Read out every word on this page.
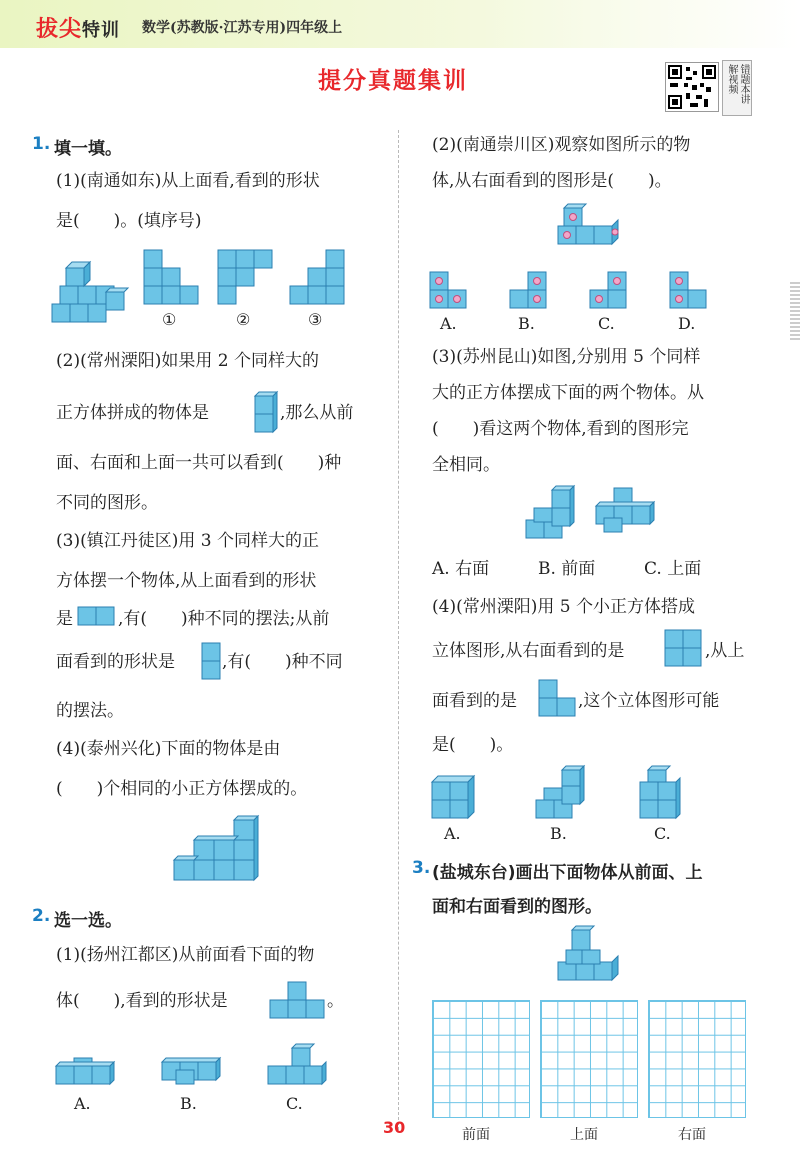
拔尖特训 数学(苏教版·江苏专用)四年级上
提分真题集训	错题本讲解视频
1. 填一填。
(1)(南通如东)从上面看,看到的形状
是(　　)。(填序号)
①	②	③
(2)(常州溧阳)如果用 2 个同样大的
正方体拼成的物体是	,那么从前
面、右面和上面一共可以看到(　　)种
不同的图形。
(3)(镇江丹徒区)用 3 个同样大的正
方体摆一个物体,从上面看到的形状
是	,有(　　)种不同的摆法;从前
面看到的形状是	,有(　　)种不同
的摆法。
(4)(泰州兴化)下面的物体是由
(　　)个相同的小正方体摆成的。
2. 选一选。
(1)(扬州江都区)从前面看下面的物
体(　　),看到的形状是	。
A.	B.	C.
(2)(南通崇川区)观察如图所示的物
体,从右面看到的图形是(　　)。
A.	B.	C.	D.
(3)(苏州昆山)如图,分别用 5 个同样
大的正方体摆成下面的两个物体。从
(　　)看这两个物体,看到的图形完
全相同。
A. 右面	B. 前面	C. 上面
(4)(常州溧阳)用 5 个小正方体搭成
立体图形,从右面看到的是	,从上
面看到的是	,这个立体图形可能
是(　　)。
A.	B.	C.
3. (盐城东台)画出下面物体从前面、上
面和右面看到的图形。
前面	上面	右面
30
